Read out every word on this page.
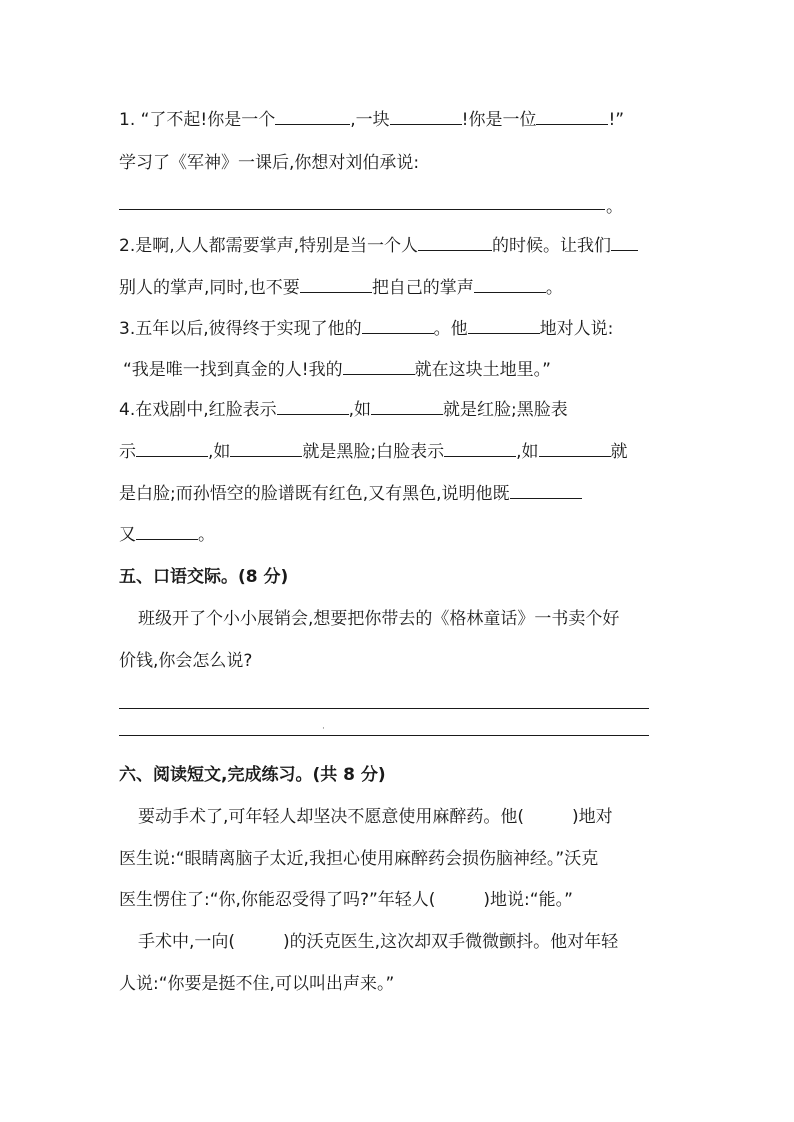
1. “了不起!你是一个	,一块	!你是一位	!”
学习了《军神》一课后,你想对刘伯承说:
。
2.是啊,人人都需要掌声,特别是当一个人	的时候。让我们
别人的掌声,同时,也不要	把自己的掌声	。
3.五年以后,彼得终于实现了他的	。他	地对人说:
“我是唯一找到真金的人!我的	就在这块土地里。”
4.在戏剧中,红脸表示	,如	就是红脸;黑脸表
示	,如	就是黑脸;白脸表示	,如	就
是白脸;而孙悟空的脸谱既有红色,又有黑色,说明他既
又	。
五、口语交际。(8 分)
班级开了个小小展销会,想要把你带去的《格林童话》一书卖个好
价钱,你会怎么说?
·
六、阅读短文,完成练习。(共 8 分)
要动手术了,可年轻人却坚决不愿意使用麻醉药。他(	)地对
医生说:“眼睛离脑子太近,我担心使用麻醉药会损伤脑神经。”沃克
医生愣住了:“你,你能忍受得了吗?”年轻人(	)地说:“能。”
手术中,一向(	)的沃克医生,这次却双手微微颤抖。他对年轻
人说:“你要是挺不住,可以叫出声来。”
